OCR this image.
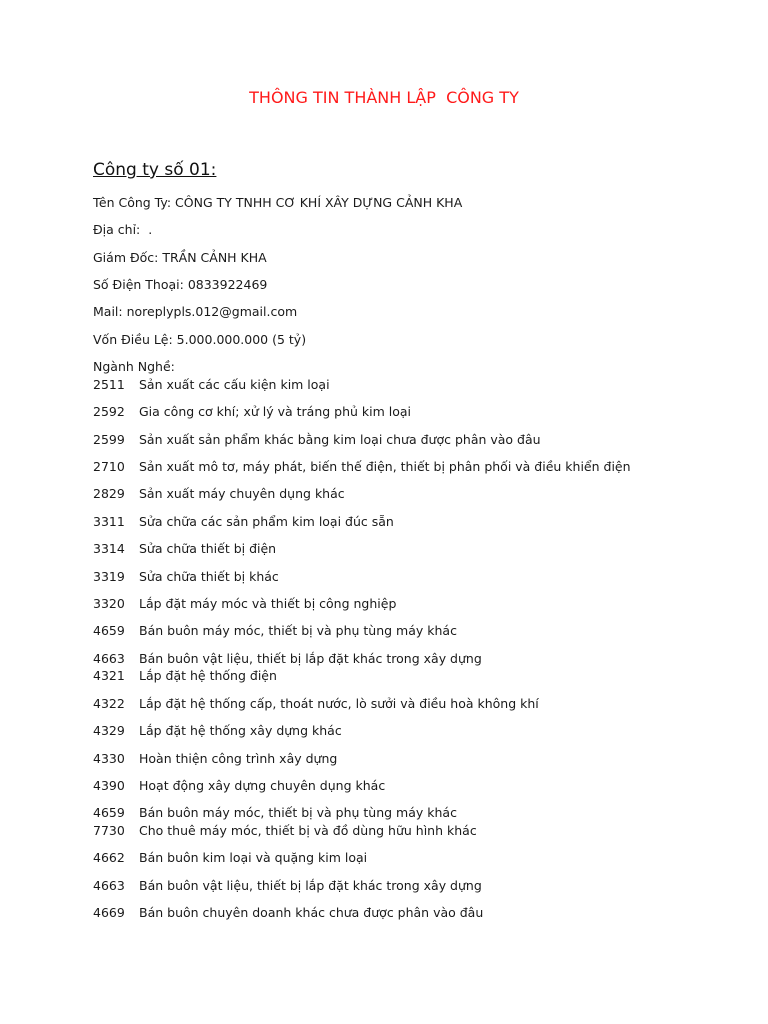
THÔNG TIN THÀNH LẬP  CÔNG TY
Công ty số 01:
Tên Công Ty: CÔNG TY TNHH CƠ KHÍ XÂY DỰNG CẢNH KHA
Địa chỉ:  .
Giám Đốc: TRẦN CẢNH KHA
Số Điện Thoại: 0833922469
Mail: noreplypls.012@gmail.com
Vốn Điều Lệ: 5.000.000.000 (5 tỷ)
Ngành Nghề:
2511 Sản xuất các cấu kiện kim loại
2592 Gia công cơ khí; xử lý và tráng phủ kim loại
2599 Sản xuất sản phẩm khác bằng kim loại chưa được phân vào đâu
2710 Sản xuất mô tơ, máy phát, biến thế điện, thiết bị phân phối và điều khiển điện
2829 Sản xuất máy chuyên dụng khác
3311 Sửa chữa các sản phẩm kim loại đúc sẵn
3314 Sửa chữa thiết bị điện
3319 Sửa chữa thiết bị khác
3320 Lắp đặt máy móc và thiết bị công nghiệp
4659 Bán buôn máy móc, thiết bị và phụ tùng máy khác
4663 Bán buôn vật liệu, thiết bị lắp đặt khác trong xây dựng
4321 Lắp đặt hệ thống điện
4322 Lắp đặt hệ thống cấp, thoát nước, lò sưởi và điều hoà không khí
4329 Lắp đặt hệ thống xây dựng khác
4330 Hoàn thiện công trình xây dựng
4390 Hoạt động xây dựng chuyên dụng khác
4659 Bán buôn máy móc, thiết bị và phụ tùng máy khác
7730 Cho thuê máy móc, thiết bị và đồ dùng hữu hình khác
4662 Bán buôn kim loại và quặng kim loại
4663 Bán buôn vật liệu, thiết bị lắp đặt khác trong xây dựng
4669 Bán buôn chuyên doanh khác chưa được phân vào đâu
